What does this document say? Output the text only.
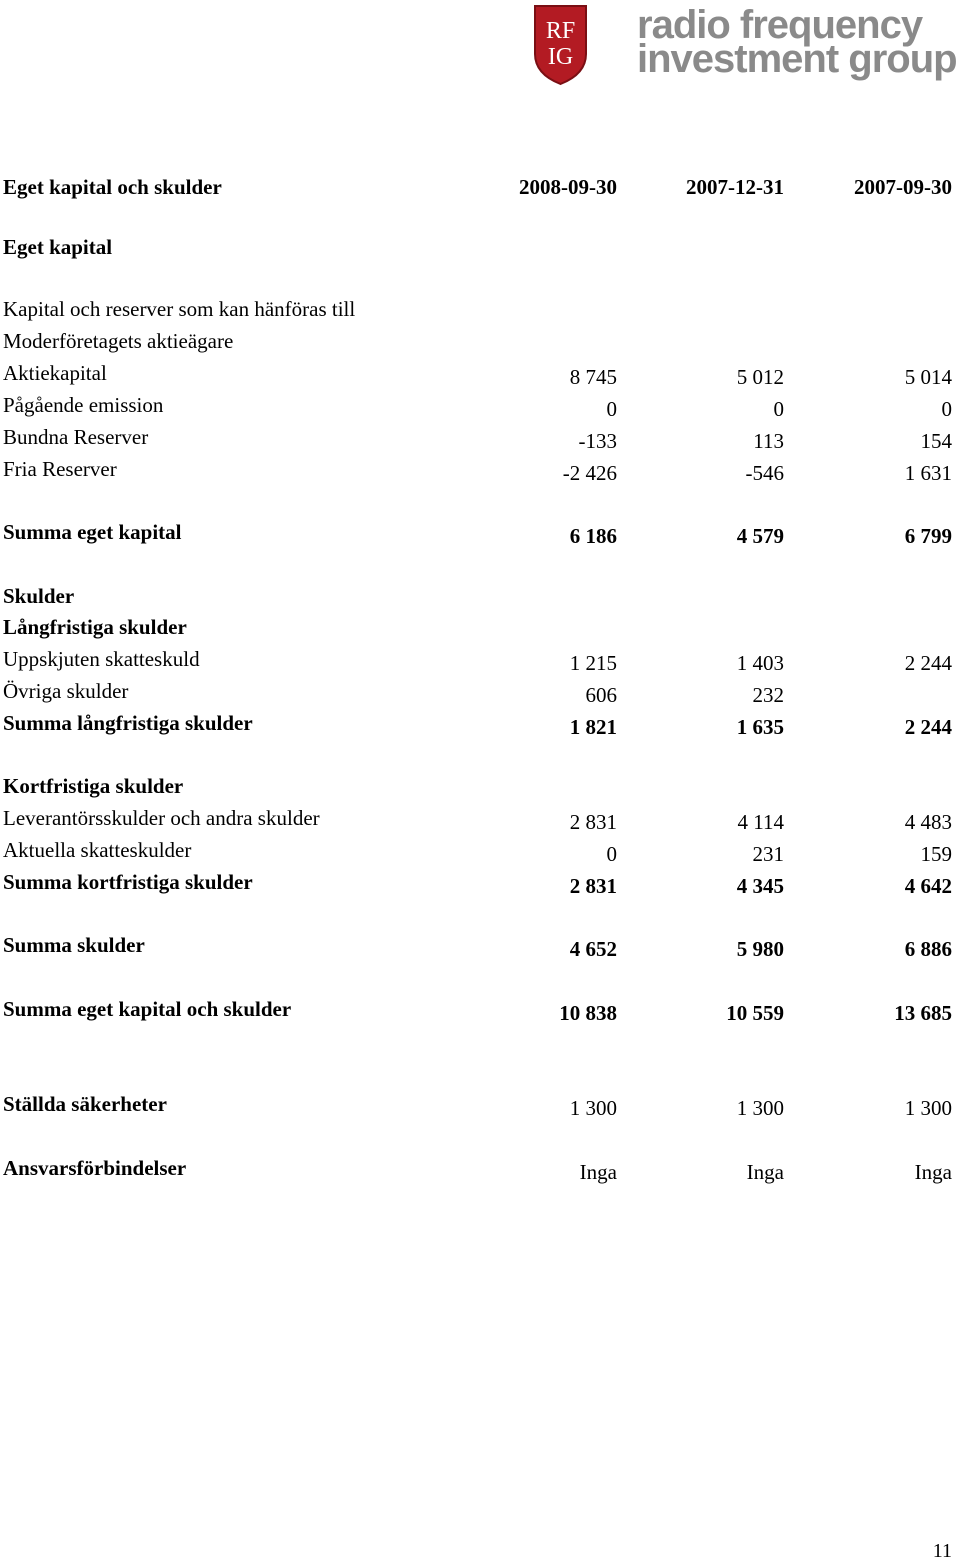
RF
IG
radio frequency
investment group
Eget kapital och skulder	2008-09-30	2007-12-31	2007-09-30
Eget kapital
Kapital och reserver som kan hänföras till
Moderföretagets aktieägare
Aktiekapital	8 745	5 012	5 014
Pågående emission	0	0	0
Bundna Reserver	-133	113	154
Fria Reserver	-2 426	-546	1 631
Summa eget kapital	6 186	4 579	6 799
Skulder
Långfristiga skulder
Uppskjuten skatteskuld	1 215	1 403	2 244
Övriga skulder	606	232
Summa långfristiga skulder	1 821	1 635	2 244
Kortfristiga skulder
Leverantörsskulder och andra skulder	2 831	4 114	4 483
Aktuella skatteskulder	0	231	159
Summa kortfristiga skulder	2 831	4 345	4 642
Summa skulder	4 652	5 980	6 886
Summa eget kapital och skulder	10 838	10 559	13 685
Ställda säkerheter	1 300	1 300	1 300
Ansvarsförbindelser	Inga	Inga	Inga
11
